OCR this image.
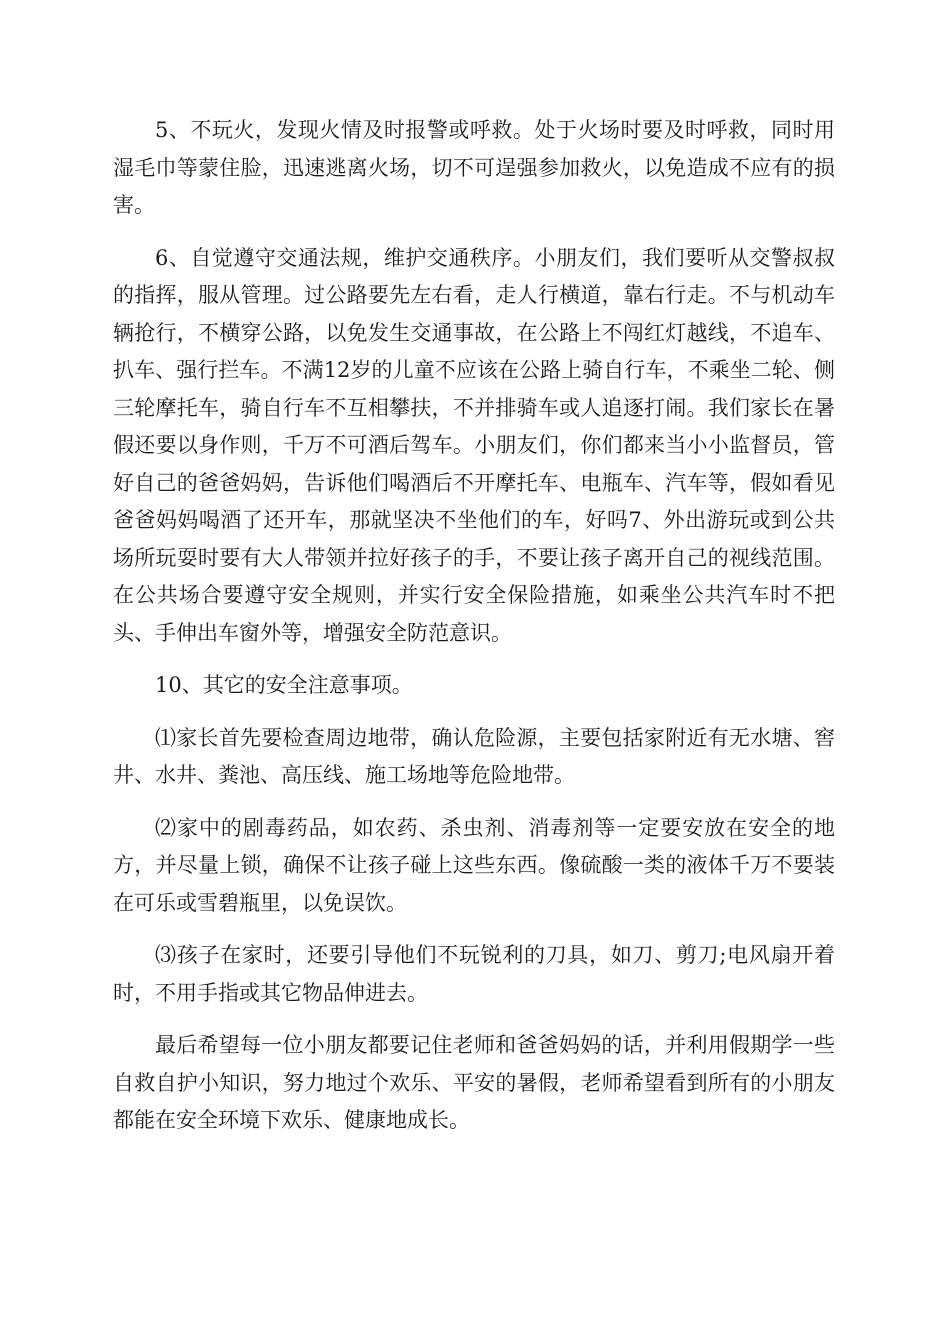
5、不玩火，发现火情及时报警或呼救。处于火场时要及时呼救，同时用湿毛巾等蒙住脸，迅速逃离火场，切不可逞强参加救火，以免造成不应有的损害。

6、自觉遵守交通法规，维护交通秩序。小朋友们，我们要听从交警叔叔的指挥，服从管理。过公路要先左右看，走人行横道，靠右行走。不与机动车辆抢行，不横穿公路，以免发生交通事故，在公路上不闯红灯越线，不追车、扒车、强行拦车。不满12岁的儿童不应该在公路上骑自行车，不乘坐二轮、侧三轮摩托车，骑自行车不互相攀扶，不并排骑车或人追逐打闹。我们家长在暑假还要以身作则，千万不可酒后驾车。小朋友们，你们都来当小小监督员，管好自己的爸爸妈妈，告诉他们喝酒后不开摩托车、电瓶车、汽车等，假如看见爸爸妈妈喝酒了还开车，那就坚决不坐他们的车，好吗7、外出游玩或到公共场所玩耍时要有大人带领并拉好孩子的手，不要让孩子离开自己的视线范围。在公共场合要遵守安全规则，并实行安全保险措施，如乘坐公共汽车时不把头、手伸出车窗外等，增强安全防范意识。

10、其它的安全注意事项。

⑴家长首先要检查周边地带，确认危险源，主要包括家附近有无水塘、窖井、水井、粪池、高压线、施工场地等危险地带。

⑵家中的剧毒药品，如农药、杀虫剂、消毒剂等一定要安放在安全的地方，并尽量上锁，确保不让孩子碰上这些东西。像硫酸一类的液体千万不要装在可乐或雪碧瓶里，以免误饮。

⑶孩子在家时，还要引导他们不玩锐利的刀具，如刀、剪刀;电风扇开着时，不用手指或其它物品伸进去。

最后希望每一位小朋友都要记住老师和爸爸妈妈的话，并利用假期学一些自救自护小知识，努力地过个欢乐、平安的暑假，老师希望看到所有的小朋友都能在安全环境下欢乐、健康地成长。
